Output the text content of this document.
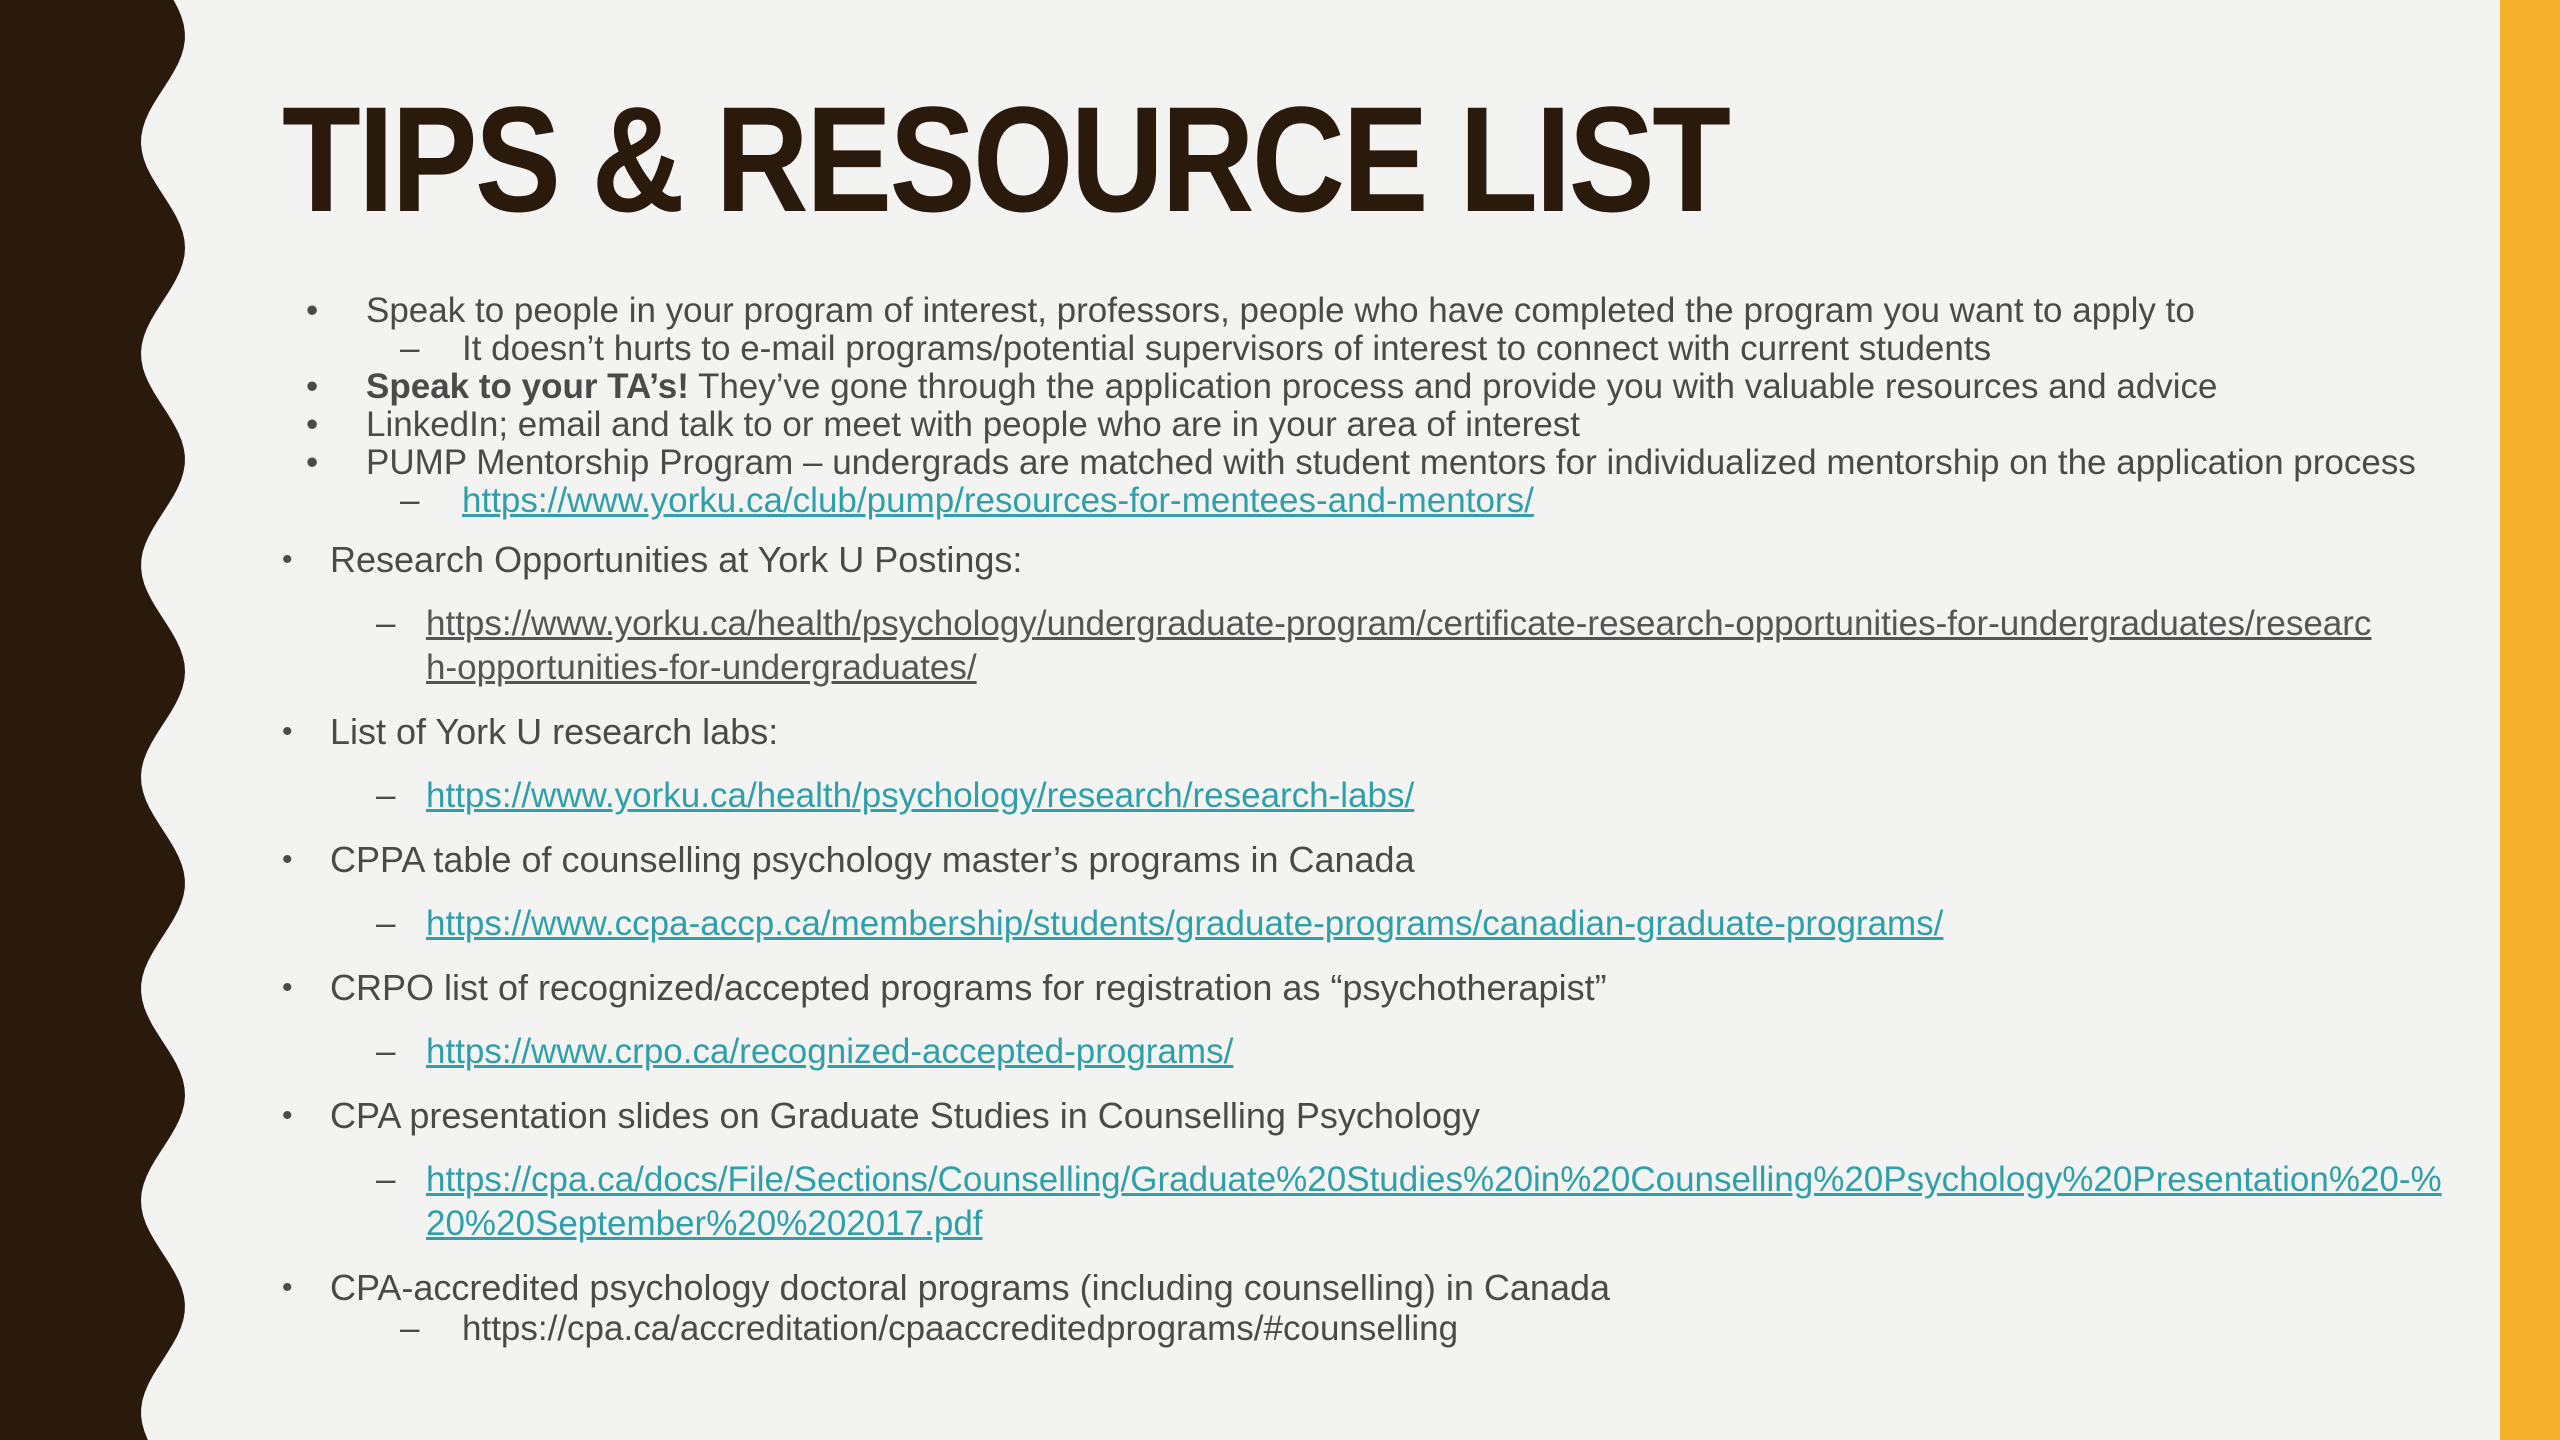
TIPS & RESOURCE LIST
• Speak to people in your program of interest, professors, people who have completed the program you want to apply to
– It doesn’t hurts to e-mail programs/potential supervisors of interest to connect with current students
• Speak to your TA’s! They’ve gone through the application process and provide you with valuable resources and advice
• LinkedIn; email and talk to or meet with people who are in your area of interest
• PUMP Mentorship Program – undergrads are matched with student mentors for individualized mentorship on the application process
– https://www.yorku.ca/club/pump/resources-for-mentees-and-mentors/
• Research Opportunities at York U Postings:
– https://www.yorku.ca/health/psychology/undergraduate-program/certificate-research-opportunities-for-undergraduates/research-opportunities-for-undergraduates/
• List of York U research labs:
– https://www.yorku.ca/health/psychology/research/research-labs/
• CPPA table of counselling psychology master’s programs in Canada
– https://www.ccpa-accp.ca/membership/students/graduate-programs/canadian-graduate-programs/
• CRPO list of recognized/accepted programs for registration as “psychotherapist”
– https://www.crpo.ca/recognized-accepted-programs/
• CPA presentation slides on Graduate Studies in Counselling Psychology
– https://cpa.ca/docs/File/Sections/Counselling/Graduate%20Studies%20in%20Counselling%20Psychology%20Presentation%20-%20%20September%20%202017.pdf
• CPA-accredited psychology doctoral programs (including counselling) in Canada
– https://cpa.ca/accreditation/cpaaccreditedprograms/#counselling
